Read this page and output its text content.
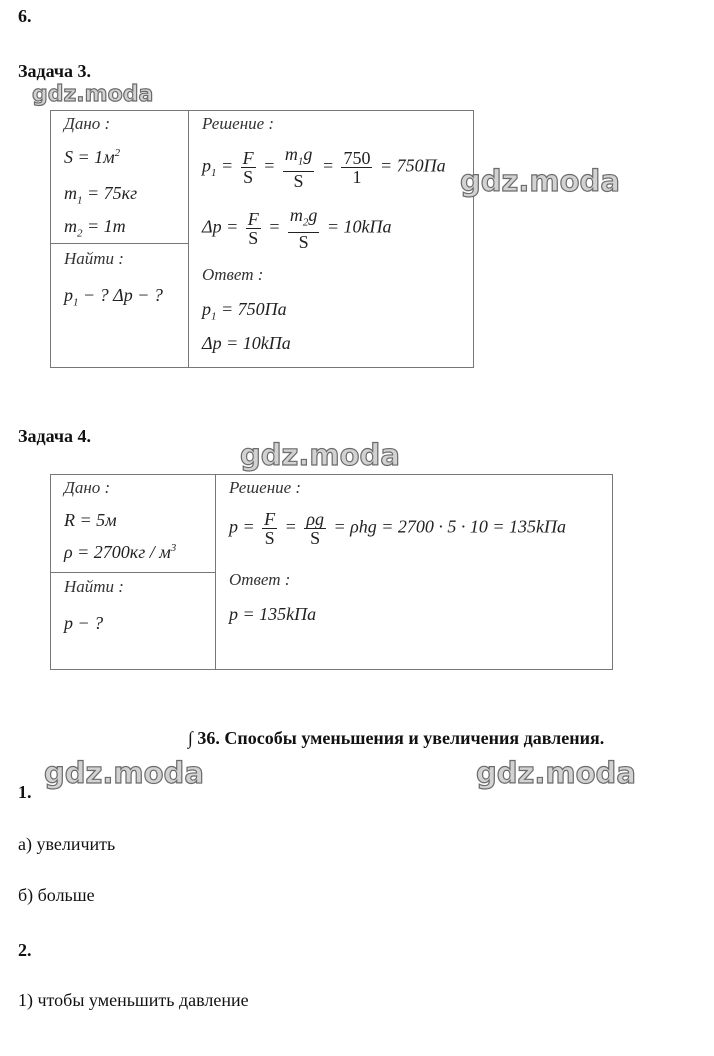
6.
Задача 3.
Дано :
$S = 1м^2$
$m_1 = 75кг$
$m_2 = 1т$
Найти :
$p_1$ − ? Δp − ?
Решение :
$p_1 = \frac{F}{S} = \frac{m_1g}{S} = \frac{750}{1} = 750Па$
$\Delta p = \frac{F}{S} = \frac{m_2g}{S} = 10kПа$
Ответ :
$p_1 = 750Па$
Δp = 10kПа
Задача 4.
Дано :
R = 5м
$\rho = 2700кг / м^3$
Найти :
p − ?
Решение :
$p = \frac{F}{S} = \frac{\rho g}{S} = \rho hg = 2700 \cdot 5 \cdot 10 = 135kПа$
Ответ :
p = 135kПа
∫ 36. Способы уменьшения и увеличения давления.
1.
а) увеличить
б) больше
2.
1) чтобы уменьшить давление
gdz.moda
gdz.moda
gdz.moda
gdz.moda	gdz.moda
